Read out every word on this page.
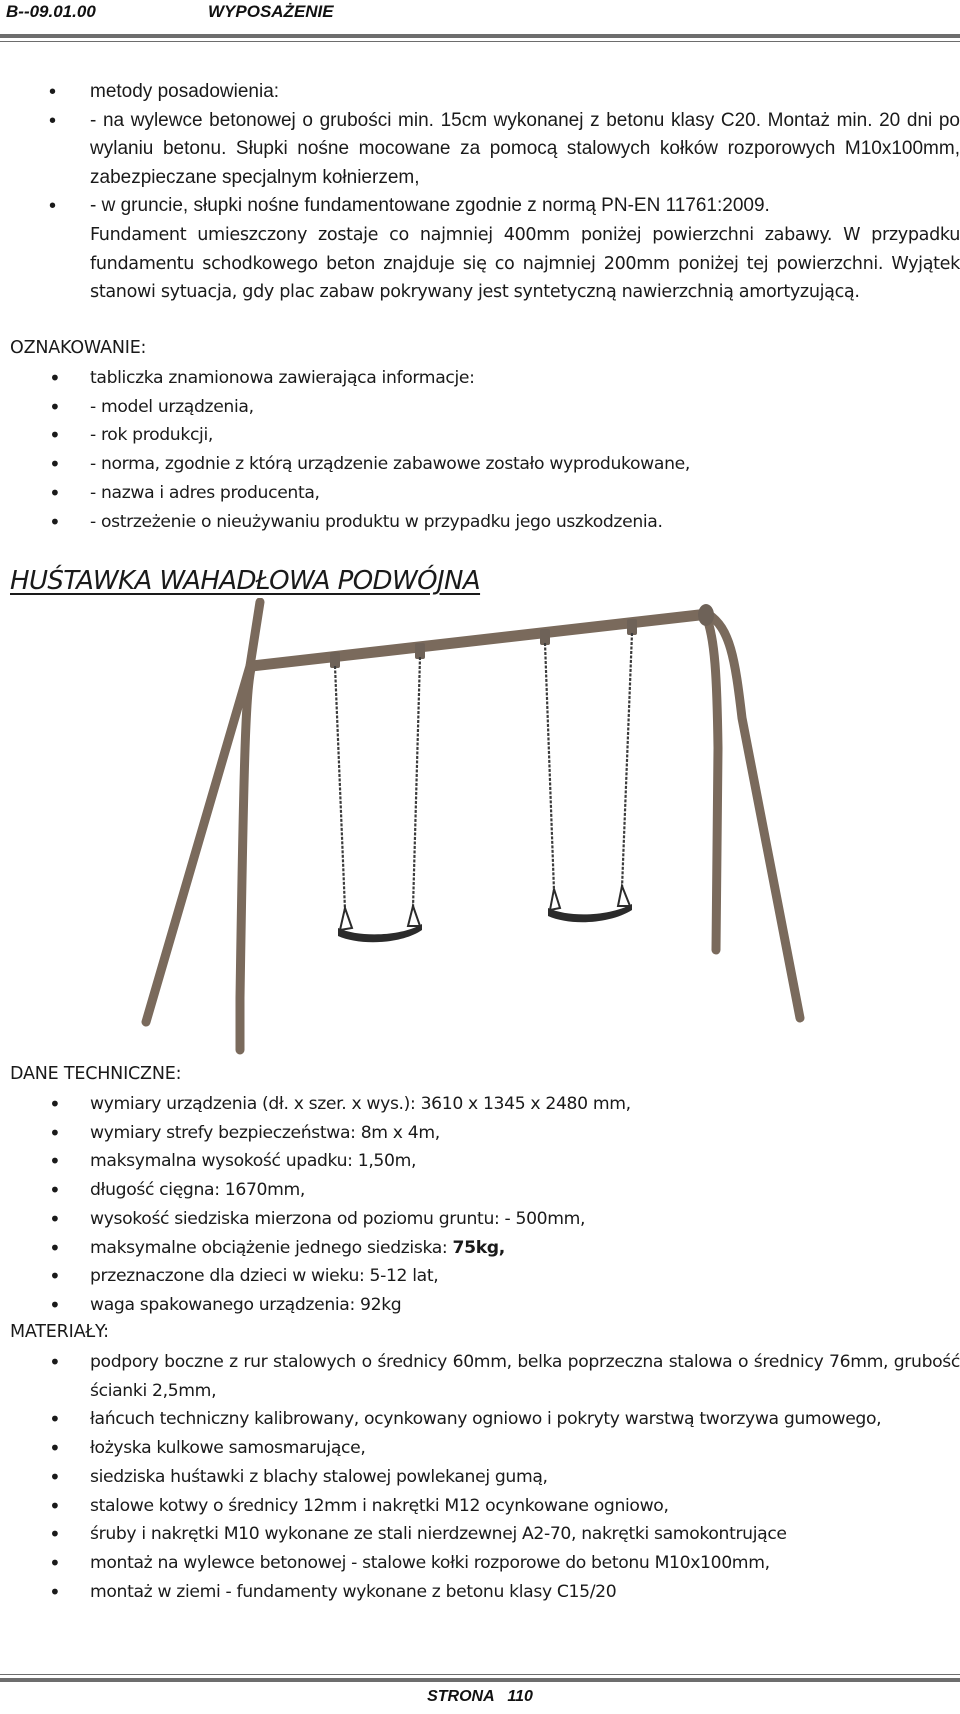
B--09.01.00	WYPOSAŻENIE
• metody posadowienia:
• - na wylewce betonowej o grubości min. 15cm wykonanej z betonu klasy C20. Montaż min. 20 dni po wylaniu betonu. Słupki nośne mocowane za pomocą stalowych kołków rozporowych M10x100mm, zabezpieczane specjalnym kołnierzem,
• - w gruncie, słupki nośne fundamentowane zgodnie z normą PN-EN 11761:2009.
Fundament umieszczony zostaje co najmniej 400mm poniżej powierzchni zabawy. W przypadku fundamentu schodkowego beton znajduje się co najmniej 200mm poniżej tej powierzchni. Wyjątek stanowi sytuacja, gdy plac zabaw pokrywany jest syntetyczną nawierzchnią amortyzującą.
OZNAKOWANIE:
• tabliczka znamionowa zawierająca informacje:
• - model urządzenia,
• - rok produkcji,
• - norma, zgodnie z którą urządzenie zabawowe zostało wyprodukowane,
• - nazwa i adres producenta,
• - ostrzeżenie o nieużywaniu produktu w przypadku jego uszkodzenia.
HUŚTAWKA WAHADŁOWA PODWÓJNA
DANE TECHNICZNE:
• wymiary urządzenia (dł. x szer. x wys.): 3610 x 1345 x 2480 mm,
• wymiary strefy bezpieczeństwa: 8m x 4m,
• maksymalna wysokość upadku: 1,50m,
• długość cięgna: 1670mm,
• wysokość siedziska mierzona od poziomu gruntu: - 500mm,
• maksymalne obciążenie jednego siedziska: 75kg,
• przeznaczone dla dzieci w wieku: 5-12 lat,
• waga spakowanego urządzenia: 92kg
MATERIAŁY:
• podpory boczne z rur stalowych o średnicy 60mm, belka poprzeczna stalowa o średnicy 76mm, grubość ścianki 2,5mm,
• łańcuch techniczny kalibrowany, ocynkowany ogniowo i pokryty warstwą tworzywa gumowego,
• łożyska kulkowe samosmarujące,
• siedziska huśtawki z blachy stalowej powlekanej gumą,
• stalowe kotwy o średnicy 12mm i nakrętki M12 ocynkowane ogniowo,
• śruby i nakrętki M10 wykonane ze stali nierdzewnej A2-70, nakrętki samokontrujące
• montaż na wylewce betonowej - stalowe kołki rozporowe do betonu M10x100mm,
• montaż w ziemi - fundamenty wykonane z betonu klasy C15/20
STRONA   110
